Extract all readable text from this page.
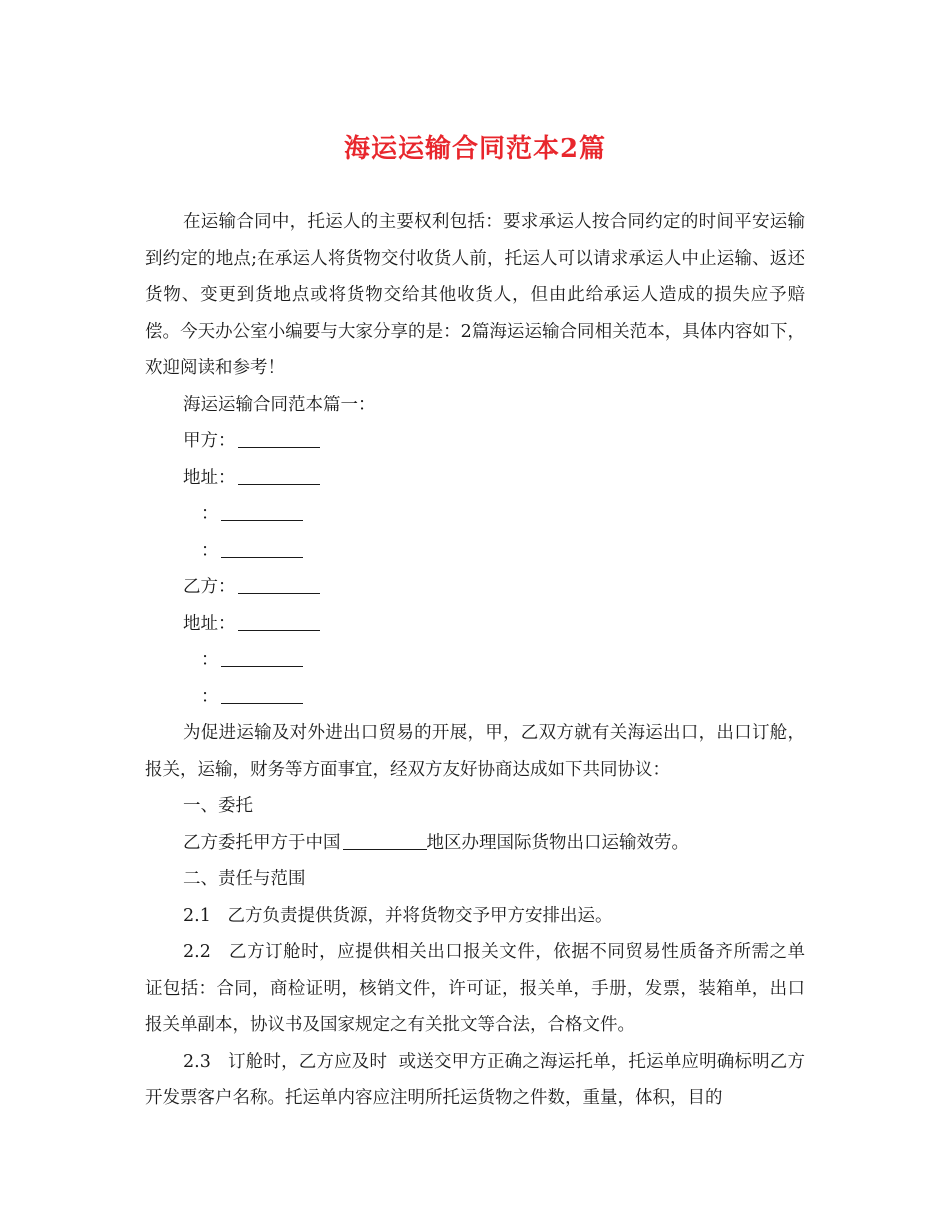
海运运输合同范本2篇

在运输合同中，托运人的主要权利包括：要求承运人按合同约定的时间平安运输到约定的地点;在承运人将货物交付收货人前，托运人可以请求承运人中止运输、返还货物、变更到货地点或将货物交给其他收货人，但由此给承运人造成的损失应予赔偿。今天办公室小编要与大家分享的是：2篇海运运输合同相关范本，具体内容如下，欢迎阅读和参考！

海运运输合同范本篇一：

甲方：

地址：

：

：

乙方：

地址：

：

：

为促进运输及对外进出口贸易的开展，甲，乙双方就有关海运出口，出口订舱，报关，运输，财务等方面事宜，经双方友好协商达成如下共同协议：

一、委托

乙方委托甲方于中国	地区办理国际货物出口运输效劳。

二、责任与范围

2.1   乙方负责提供货源，并将货物交予甲方安排出运。

2.2   乙方订舱时，应提供相关出口报关文件，依据不同贸易性质备齐所需之单证包括：合同，商检证明，核销文件，许可证，报关单，手册，发票，装箱单，出口报关单副本，协议书及国家规定之有关批文等合法，合格文件。

2.3   订舱时，乙方应及时  或送交甲方正确之海运托单，托运单应明确标明乙方开发票客户名称。托运单内容应注明所托运货物之件数，重量，体积，目的
